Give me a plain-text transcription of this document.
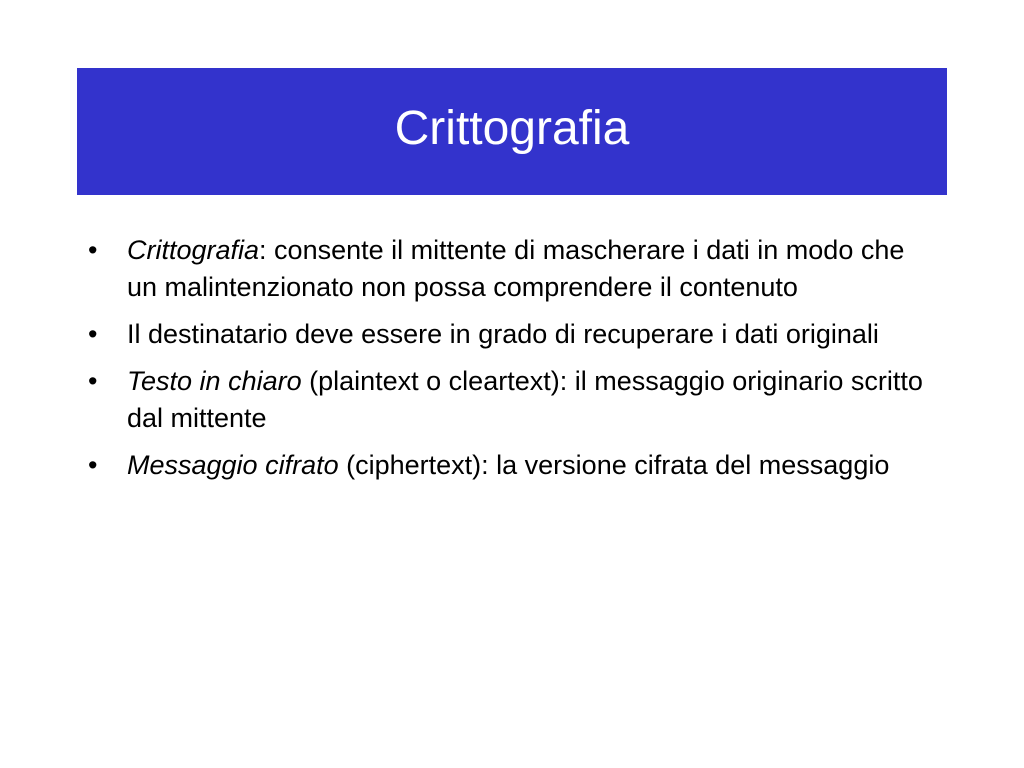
Crittografia
•	Crittografia: consente il mittente di mascherare i dati in modo che un malintenzionato non possa comprendere il contenuto
•	Il destinatario deve essere in grado di recuperare i dati originali
•	Testo in chiaro (plaintext o cleartext): il messaggio originario scritto dal mittente
•	Messaggio cifrato (ciphertext): la versione cifrata del messaggio
